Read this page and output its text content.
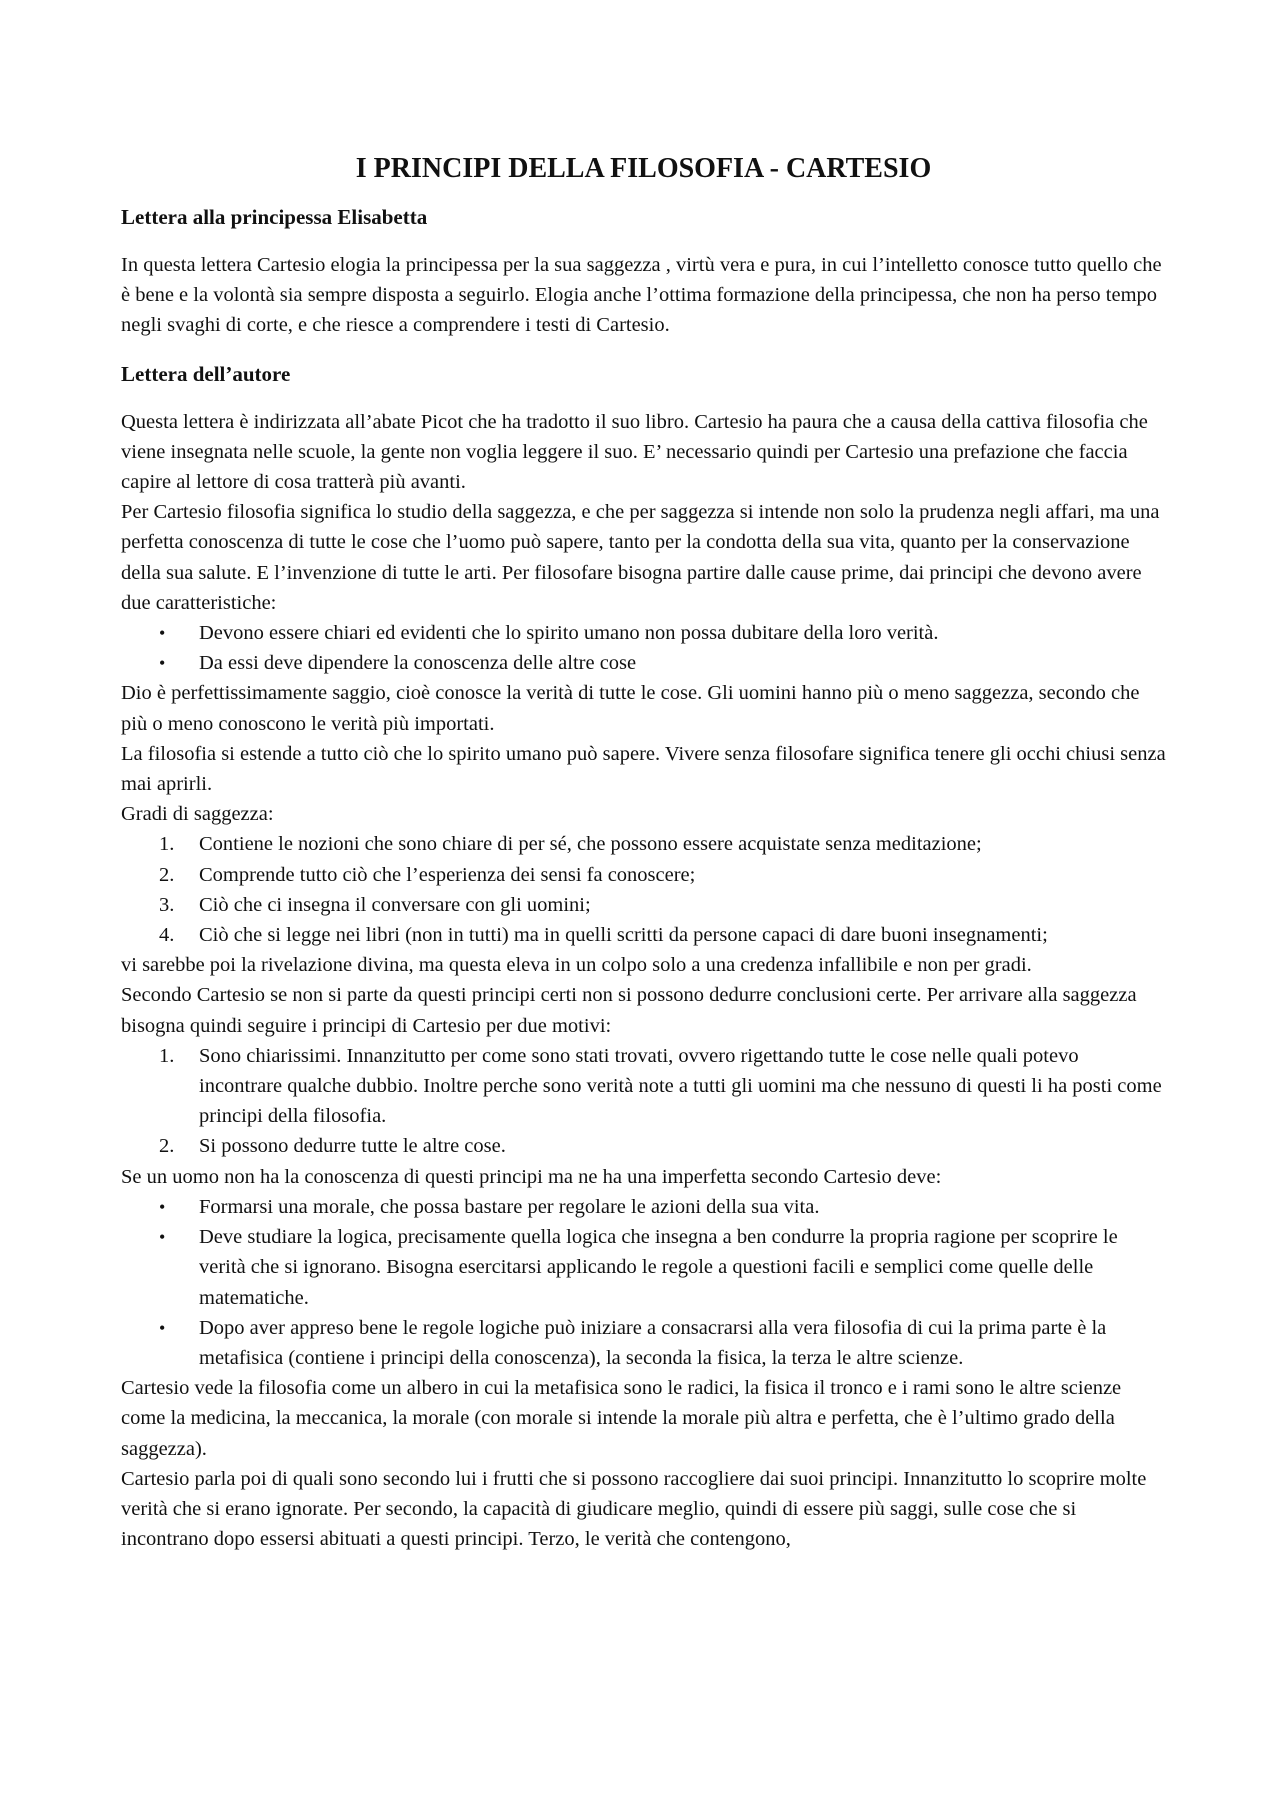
I PRINCIPI DELLA FILOSOFIA - CARTESIO
Lettera alla principessa Elisabetta

In questa lettera Cartesio elogia la principessa per la sua saggezza , virtù vera e pura, in cui l’intelletto conosce tutto quello che è bene e la volontà sia sempre disposta a seguirlo. Elogia anche l’ottima formazione della principessa, che non ha perso tempo negli svaghi di corte, e che riesce a comprendere i testi di Cartesio.

Lettera dell’autore

Questa lettera è indirizzata all’abate Picot che ha tradotto il suo libro. Cartesio ha paura che a causa della cattiva filosofia che viene insegnata nelle scuole, la gente non voglia leggere il suo. E’ necessario quindi per Cartesio una prefazione che faccia capire al lettore di cosa tratterà più avanti.

Per Cartesio filosofia significa lo studio della saggezza, e che per saggezza si intende non solo la prudenza negli affari, ma una perfetta conoscenza di tutte le cose che l’uomo può sapere, tanto per la condotta della sua vita, quanto per la conservazione della sua salute. E l’invenzione di tutte le arti. Per filosofare bisogna partire dalle cause prime, dai principi che devono avere due caratteristiche:

•	Devono essere chiari ed evidenti che lo spirito umano non possa dubitare della loro verità.
•	Da essi deve dipendere la conoscenza delle altre cose

Dio è perfettissimamente saggio, cioè conosce la verità di tutte le cose. Gli uomini hanno più o meno saggezza, secondo che più o meno conoscono le verità più importati.

La filosofia si estende a tutto ciò che lo spirito umano può sapere. Vivere senza filosofare significa tenere gli occhi chiusi senza mai aprirli.

Gradi di saggezza:

1.	Contiene le nozioni che sono chiare di per sé, che possono essere acquistate senza meditazione;
2.	Comprende tutto ciò che l’esperienza dei sensi fa conoscere;
3.	Ciò che ci insegna il conversare con gli uomini;
4.	Ciò che si legge nei libri (non in tutti) ma in quelli scritti da persone capaci di dare buoni insegnamenti;

vi sarebbe poi la rivelazione divina, ma questa eleva in un colpo solo a una credenza infallibile e non per gradi.

Secondo Cartesio se non si parte da questi principi certi non si possono dedurre conclusioni certe. Per arrivare alla saggezza bisogna quindi seguire i principi di Cartesio per due motivi:

1.	Sono chiarissimi. Innanzitutto per come sono stati trovati, ovvero rigettando tutte le cose nelle quali potevo incontrare qualche dubbio. Inoltre perche sono verità note a tutti gli uomini ma che nessuno di questi li ha posti come principi della filosofia.
2.	Si possono dedurre tutte le altre cose.

Se un uomo non ha la conoscenza di questi principi ma ne ha una imperfetta secondo Cartesio deve:

•	Formarsi una morale, che possa bastare per regolare le azioni della sua vita.
•	Deve studiare la logica, precisamente quella logica che insegna a ben condurre la propria ragione per scoprire le verità che si ignorano. Bisogna esercitarsi applicando le regole a questioni facili e semplici come quelle delle matematiche.
•	Dopo aver appreso bene le regole logiche può iniziare a consacrarsi alla vera filosofia di cui la prima parte è la metafisica (contiene i principi della conoscenza), la seconda la fisica, la terza le altre scienze.

Cartesio vede la filosofia come un albero in cui la metafisica sono le radici, la fisica il tronco e i rami sono le altre scienze come la medicina, la meccanica, la morale (con morale si intende la morale più altra e perfetta, che è l’ultimo grado della saggezza).

Cartesio parla poi di quali sono secondo lui i frutti che si possono raccogliere dai suoi principi. Innanzitutto lo scoprire molte verità che si erano ignorate. Per secondo, la capacità di giudicare meglio, quindi di essere più saggi, sulle cose che si incontrano dopo essersi abituati a questi principi. Terzo, le verità che contengono,
